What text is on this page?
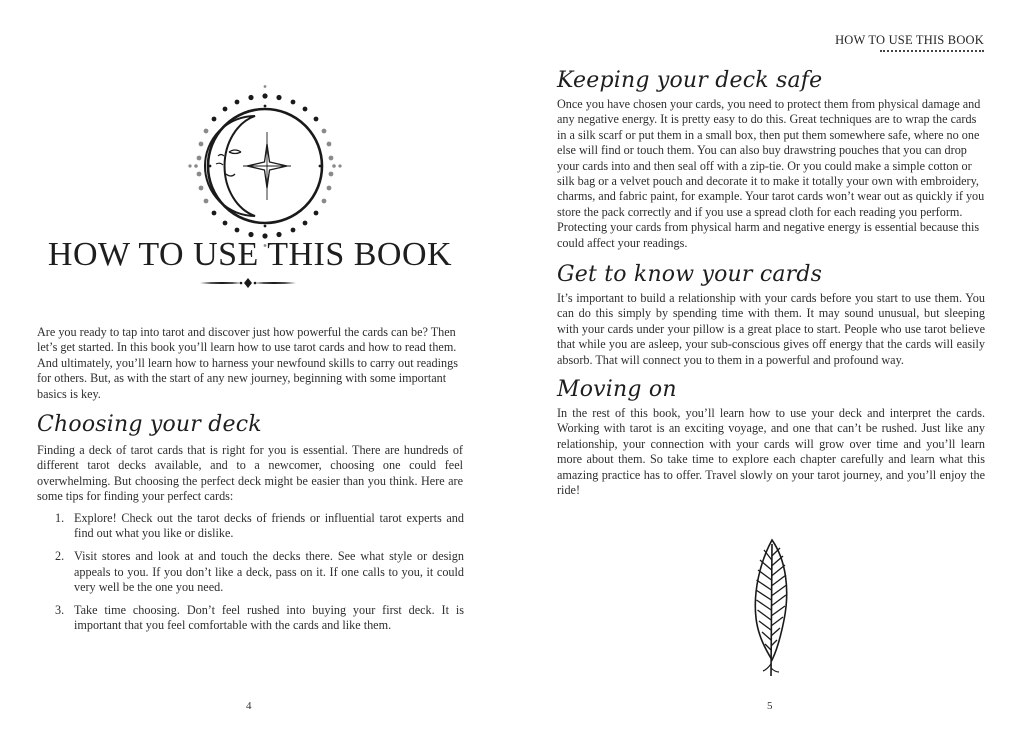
HOW TO USE THIS BOOK

Are you ready to tap into tarot and discover just how powerful the cards can be? Then let’s get started. In this book you’ll learn how to use tarot cards and how to read them. And ultimately, you’ll learn how to harness your newfound skills to carry out readings for others. But, as with the start of any new journey, beginning with some important basics is key.

Choosing your deck

Finding a deck of tarot cards that is right for you is essential. There are hundreds of different tarot decks available, and to a newcomer, choosing one could feel overwhelming. But choosing the perfect deck might be easier than you think. Here are some tips for finding your perfect cards:

1. Explore! Check out the tarot decks of friends or influential tarot experts and find out what you like or dislike.
2. Visit stores and look at and touch the decks there. See what style or design appeals to you. If you don’t like a deck, pass on it. If one calls to you, it could very well be the one you need.
3. Take time choosing. Don’t feel rushed into buying your first deck. It is important that you feel comfortable with the cards and like them.
4
HOW TO USE THIS BOOK
Keeping your deck safe

Once you have chosen your cards, you need to protect them from physical damage and any negative energy. It is pretty easy to do this. Great techniques are to wrap the cards in a silk scarf or put them in a small box, then put them somewhere safe, where no one else will find or touch them. You can also buy drawstring pouches that you can drop your cards into and then seal off with a zip-tie. Or you could make a simple cotton or silk bag or a velvet pouch and decorate it to make it totally your own with embroidery, charms, and fabric paint, for example. Your tarot cards won’t wear out as quickly if you store the pack correctly and if you use a spread cloth for each reading you perform. Protecting your cards from physical harm and negative energy is essential because this could affect your readings.

Get to know your cards

It’s important to build a relationship with your cards before you start to use them. You can do this simply by spending time with them. It may sound unusual, but sleeping with your cards under your pillow is a great place to start. People who use tarot believe that while you are asleep, your sub-conscious gives off energy that the cards will easily absorb. That will connect you to them in a powerful and profound way.

Moving on

In the rest of this book, you’ll learn how to use your deck and interpret the cards. Working with tarot is an exciting voyage, and one that can’t be rushed. Just like any relationship, your connection with your cards will grow over time and you’ll learn more about them. So take time to explore each chapter carefully and learn what this amazing practice has to offer. Travel slowly on your tarot journey, and you’ll enjoy the ride!

5
